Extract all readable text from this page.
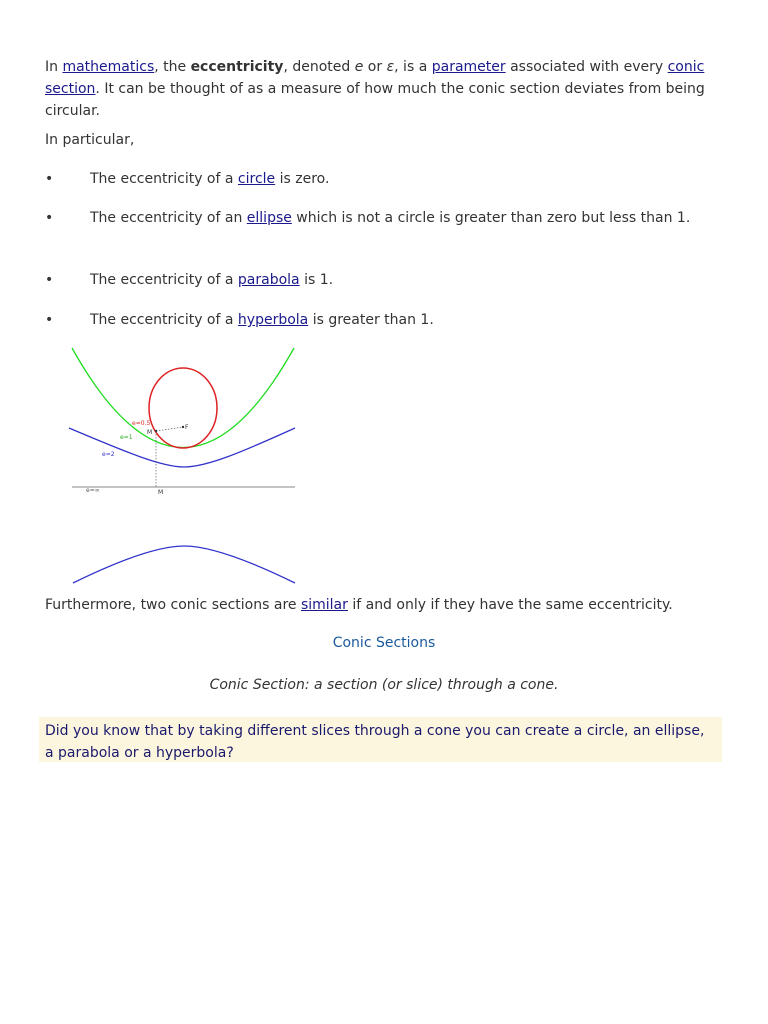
In mathematics, the eccentricity, denoted e or ε, is a parameter associated with every conic section. It can be thought of as a measure of how much the conic section deviates from being circular.

In particular,

•	The eccentricity of a circle is zero.
•	The eccentricity of an ellipse which is not a circle is greater than zero but less than 1.
•	The eccentricity of a parabola is 1.
•	The eccentricity of a hyperbola is greater than 1.
e=0.5
e=1
e=2
e=∞
F
M
M

Furthermore, two conic sections are similar if and only if they have the same eccentricity.

Conic Sections
Conic Section: a section (or slice) through a cone.
Did you know that by taking different slices through a cone you can create a circle, an ellipse, a parabola or a hyperbola?
